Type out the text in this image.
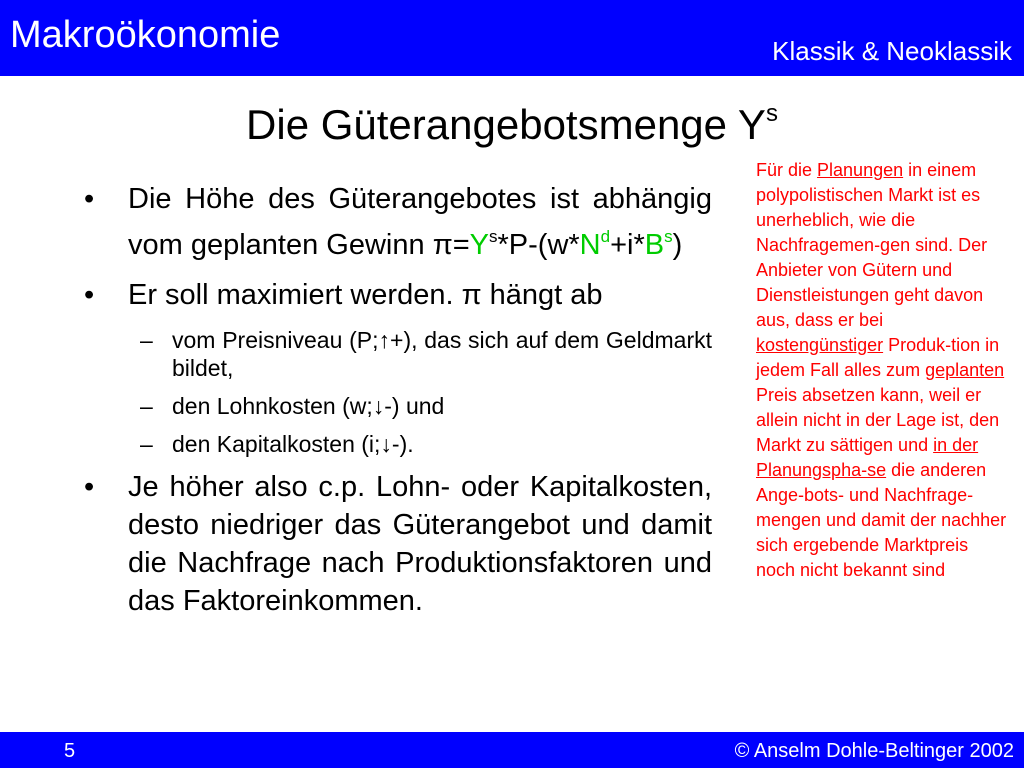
Makroökonomie	Klassik & Neoklassik
Die Güterangebotsmenge $Y^s$
• Die Höhe des Güterangebotes ist abhängig vom geplanten Gewinn $\pi=Y^s*P-(w*N^d+i*B^s)$
• Er soll maximiert werden. π hängt ab
– vom Preisniveau (P;↑+), das sich auf dem Geldmarkt bildet,
– den Lohnkosten (w;↓-) und
– den Kapitalkosten (i;↓-).
• Je höher also c.p. Lohn- oder Kapitalkosten, desto niedriger das Güterangebot und damit die Nachfrage nach Produktionsfaktoren und das Faktoreinkommen.
Für die Planungen in einem polypolistischen Markt ist es unerheblich, wie die Nachfragemen-gen sind. Der Anbieter von Gütern und Dienstleistungen geht davon aus, dass er bei kostengünstiger Produk-tion in jedem Fall alles zum geplanten Preis absetzen kann, weil er allein nicht in der Lage ist, den Markt zu sättigen und in der Planungspha-se die anderen Ange-bots- und Nachfrage-mengen und damit der nachher sich ergebende Marktpreis noch nicht bekannt sind
5	© Anselm Dohle-Beltinger 2002
